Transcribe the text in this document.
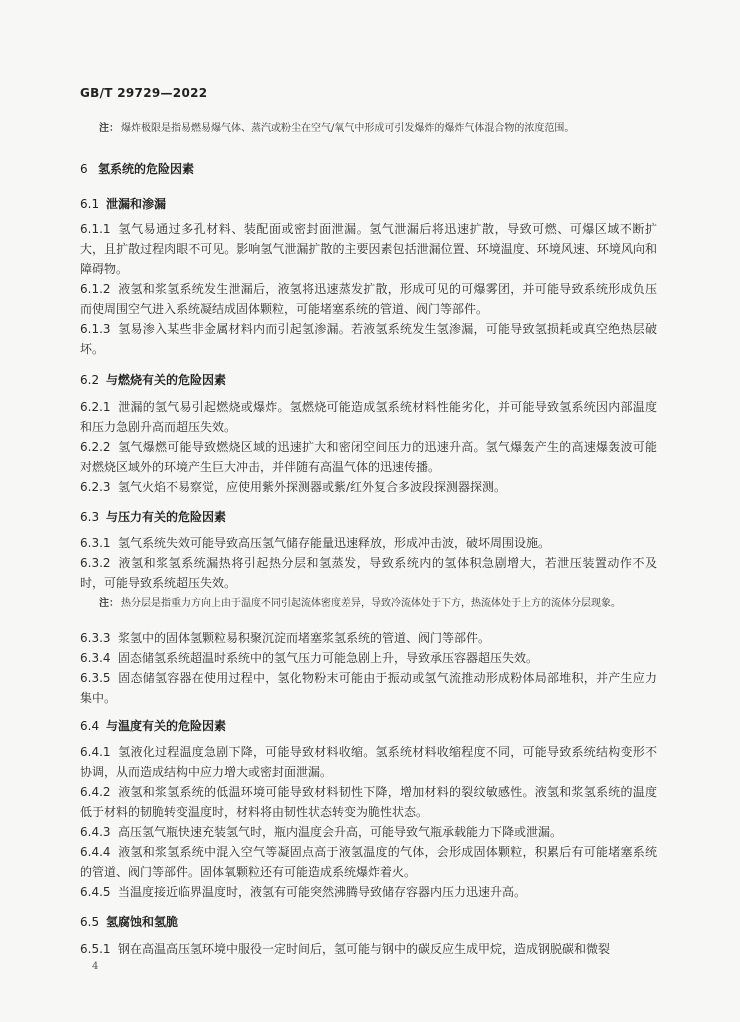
GB/T 29729—2022
注： 爆炸极限是指易燃易爆气体、蒸汽或粉尘在空气/氧气中形成可引发爆炸的爆炸气体混合物的浓度范围。
6 氢系统的危险因素
6.1 泄漏和渗漏
6.1.1 氢气易通过多孔材料、装配面或密封面泄漏。氢气泄漏后将迅速扩散，导致可燃、可爆区域不断扩大，且扩散过程肉眼不可见。影响氢气泄漏扩散的主要因素包括泄漏位置、环境温度、环境风速、环境风向和障碍物。
6.1.2 液氢和浆氢系统发生泄漏后，液氢将迅速蒸发扩散，形成可见的可爆雾团，并可能导致系统形成负压而使周围空气进入系统凝结成固体颗粒，可能堵塞系统的管道、阀门等部件。
6.1.3 氢易渗入某些非金属材料内而引起氢渗漏。若液氢系统发生氢渗漏，可能导致氢损耗或真空绝热层破坏。
6.2 与燃烧有关的危险因素
6.2.1 泄漏的氢气易引起燃烧或爆炸。氢燃烧可能造成氢系统材料性能劣化，并可能导致氢系统因内部温度和压力急剧升高而超压失效。
6.2.2 氢气爆燃可能导致燃烧区域的迅速扩大和密闭空间压力的迅速升高。氢气爆轰产生的高速爆轰波可能对燃烧区域外的环境产生巨大冲击，并伴随有高温气体的迅速传播。
6.2.3 氢气火焰不易察觉，应使用紫外探测器或紫/红外复合多波段探测器探测。
6.3 与压力有关的危险因素
6.3.1 氢气系统失效可能导致高压氢气储存能量迅速释放，形成冲击波，破坏周围设施。
6.3.2 液氢和浆氢系统漏热将引起热分层和氢蒸发，导致系统内的氢体积急剧增大，若泄压装置动作不及时，可能导致系统超压失效。
注： 热分层是指重力方向上由于温度不同引起流体密度差异，导致冷流体处于下方，热流体处于上方的流体分层现象。
6.3.3 浆氢中的固体氢颗粒易积聚沉淀而堵塞浆氢系统的管道、阀门等部件。
6.3.4 固态储氢系统超温时系统中的氢气压力可能急剧上升，导致承压容器超压失效。
6.3.5 固态储氢容器在使用过程中，氢化物粉末可能由于振动或氢气流推动形成粉体局部堆积，并产生应力集中。
6.4 与温度有关的危险因素
6.4.1 氢液化过程温度急剧下降，可能导致材料收缩。氢系统材料收缩程度不同，可能导致系统结构变形不协调，从而造成结构中应力增大或密封面泄漏。
6.4.2 液氢和浆氢系统的低温环境可能导致材料韧性下降，增加材料的裂纹敏感性。液氢和浆氢系统的温度低于材料的韧脆转变温度时，材料将由韧性状态转变为脆性状态。
6.4.3 高压氢气瓶快速充装氢气时，瓶内温度会升高，可能导致气瓶承载能力下降或泄漏。
6.4.4 液氢和浆氢系统中混入空气等凝固点高于液氢温度的气体，会形成固体颗粒，积累后有可能堵塞系统的管道、阀门等部件。固体氧颗粒还有可能造成系统爆炸着火。
6.4.5 当温度接近临界温度时，液氢有可能突然沸腾导致储存容器内压力迅速升高。
6.5 氢腐蚀和氢脆
6.5.1 钢在高温高压氢环境中服役一定时间后，氢可能与钢中的碳反应生成甲烷，造成钢脱碳和微裂
4
